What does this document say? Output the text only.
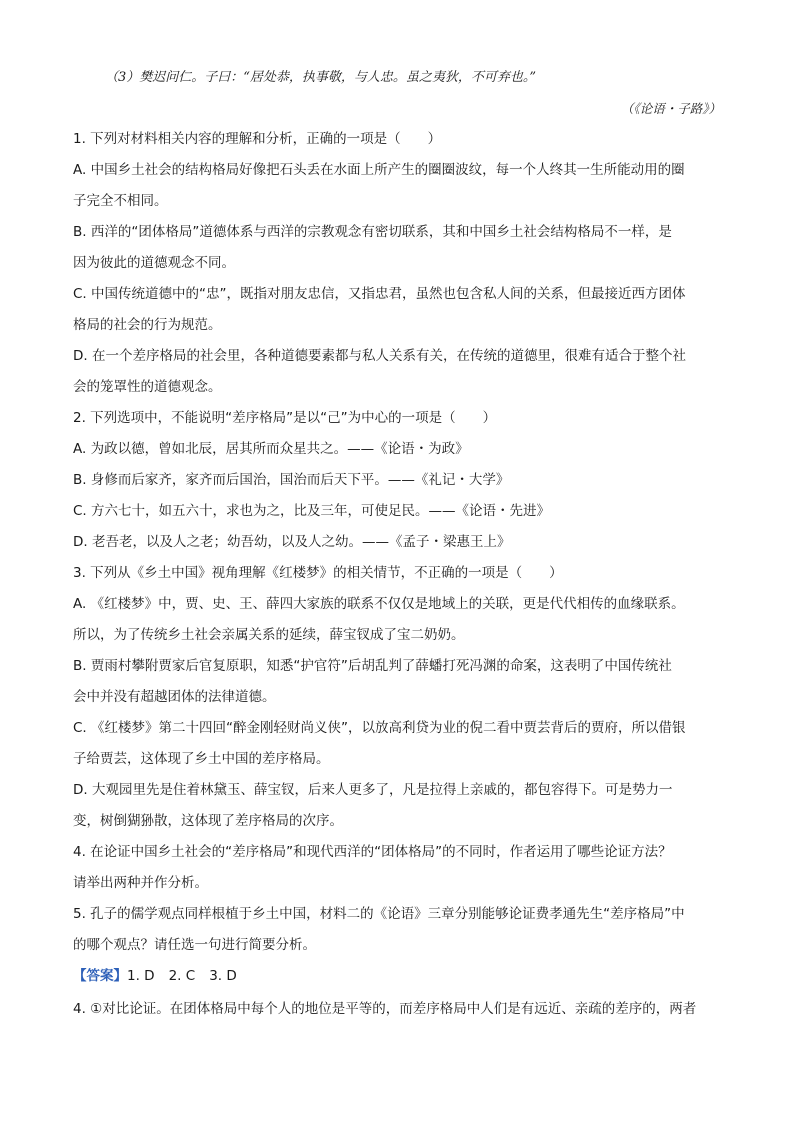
（3）樊迟问仁。子曰：“居处恭，执事敬，与人忠。虽之夷狄，不可弃也。”
（《论语・子路》）
1. 下列对材料相关内容的理解和分析，正确的一项是（　　）
A. 中国乡土社会的结构格局好像把石头丢在水面上所产生的圈圈波纹，每一个人终其一生所能动用的圈
子完全不相同。
B. 西洋的“团体格局”道德体系与西洋的宗教观念有密切联系，其和中国乡土社会结构格局不一样，是
因为彼此的道德观念不同。
C. 中国传统道德中的“忠”，既指对朋友忠信，又指忠君，虽然也包含私人间的关系，但最接近西方团体
格局的社会的行为规范。
D. 在一个差序格局的社会里，各种道德要素都与私人关系有关，在传统的道德里，很难有适合于整个社
会的笼罩性的道德观念。
2. 下列选项中，不能说明“差序格局”是以“己”为中心的一项是（　　）
A. 为政以德，曾如北辰，居其所而众星共之。——《论语・为政》
B. 身修而后家齐，家齐而后国治，国治而后天下平。——《礼记・大学》
C. 方六七十，如五六十，求也为之，比及三年，可使足民。——《论语・先进》
D. 老吾老，以及人之老；幼吾幼，以及人之幼。——《孟子・梁惠王上》
3. 下列从《乡土中国》视角理解《红楼梦》的相关情节，不正确的一项是（　　）
A. 《红楼梦》中，贾、史、王、薛四大家族的联系不仅仅是地域上的关联，更是代代相传的血缘联系。
所以，为了传统乡土社会亲属关系的延续，薛宝钗成了宝二奶奶。
B. 贾雨村攀附贾家后官复原职，知悉“护官符”后胡乱判了薛蟠打死冯渊的命案，这表明了中国传统社
会中并没有超越团体的法律道德。
C. 《红楼梦》第二十四回“醉金刚轻财尚义侠”，以放高利贷为业的倪二看中贾芸背后的贾府，所以借银
子给贾芸，这体现了乡土中国的差序格局。
D. 大观园里先是住着林黛玉、薛宝钗，后来人更多了，凡是拉得上亲戚的，都包容得下。可是势力一
变，树倒猢狲散，这体现了差序格局的次序。
4. 在论证中国乡土社会的“差序格局”和现代西洋的“团体格局”的不同时，作者运用了哪些论证方法？
请举出两种并作分析。
5. 孔子的儒学观点同样根植于乡土中国，材料二的《论语》三章分别能够论证费孝通先生“差序格局”中
的哪个观点？请任选一句进行简要分析。
【答案】1. D 2. C 3. D
4. ①对比论证。在团体格局中每个人的地位是平等的，而差序格局中人们是有远近、亲疏的差序的，两者
